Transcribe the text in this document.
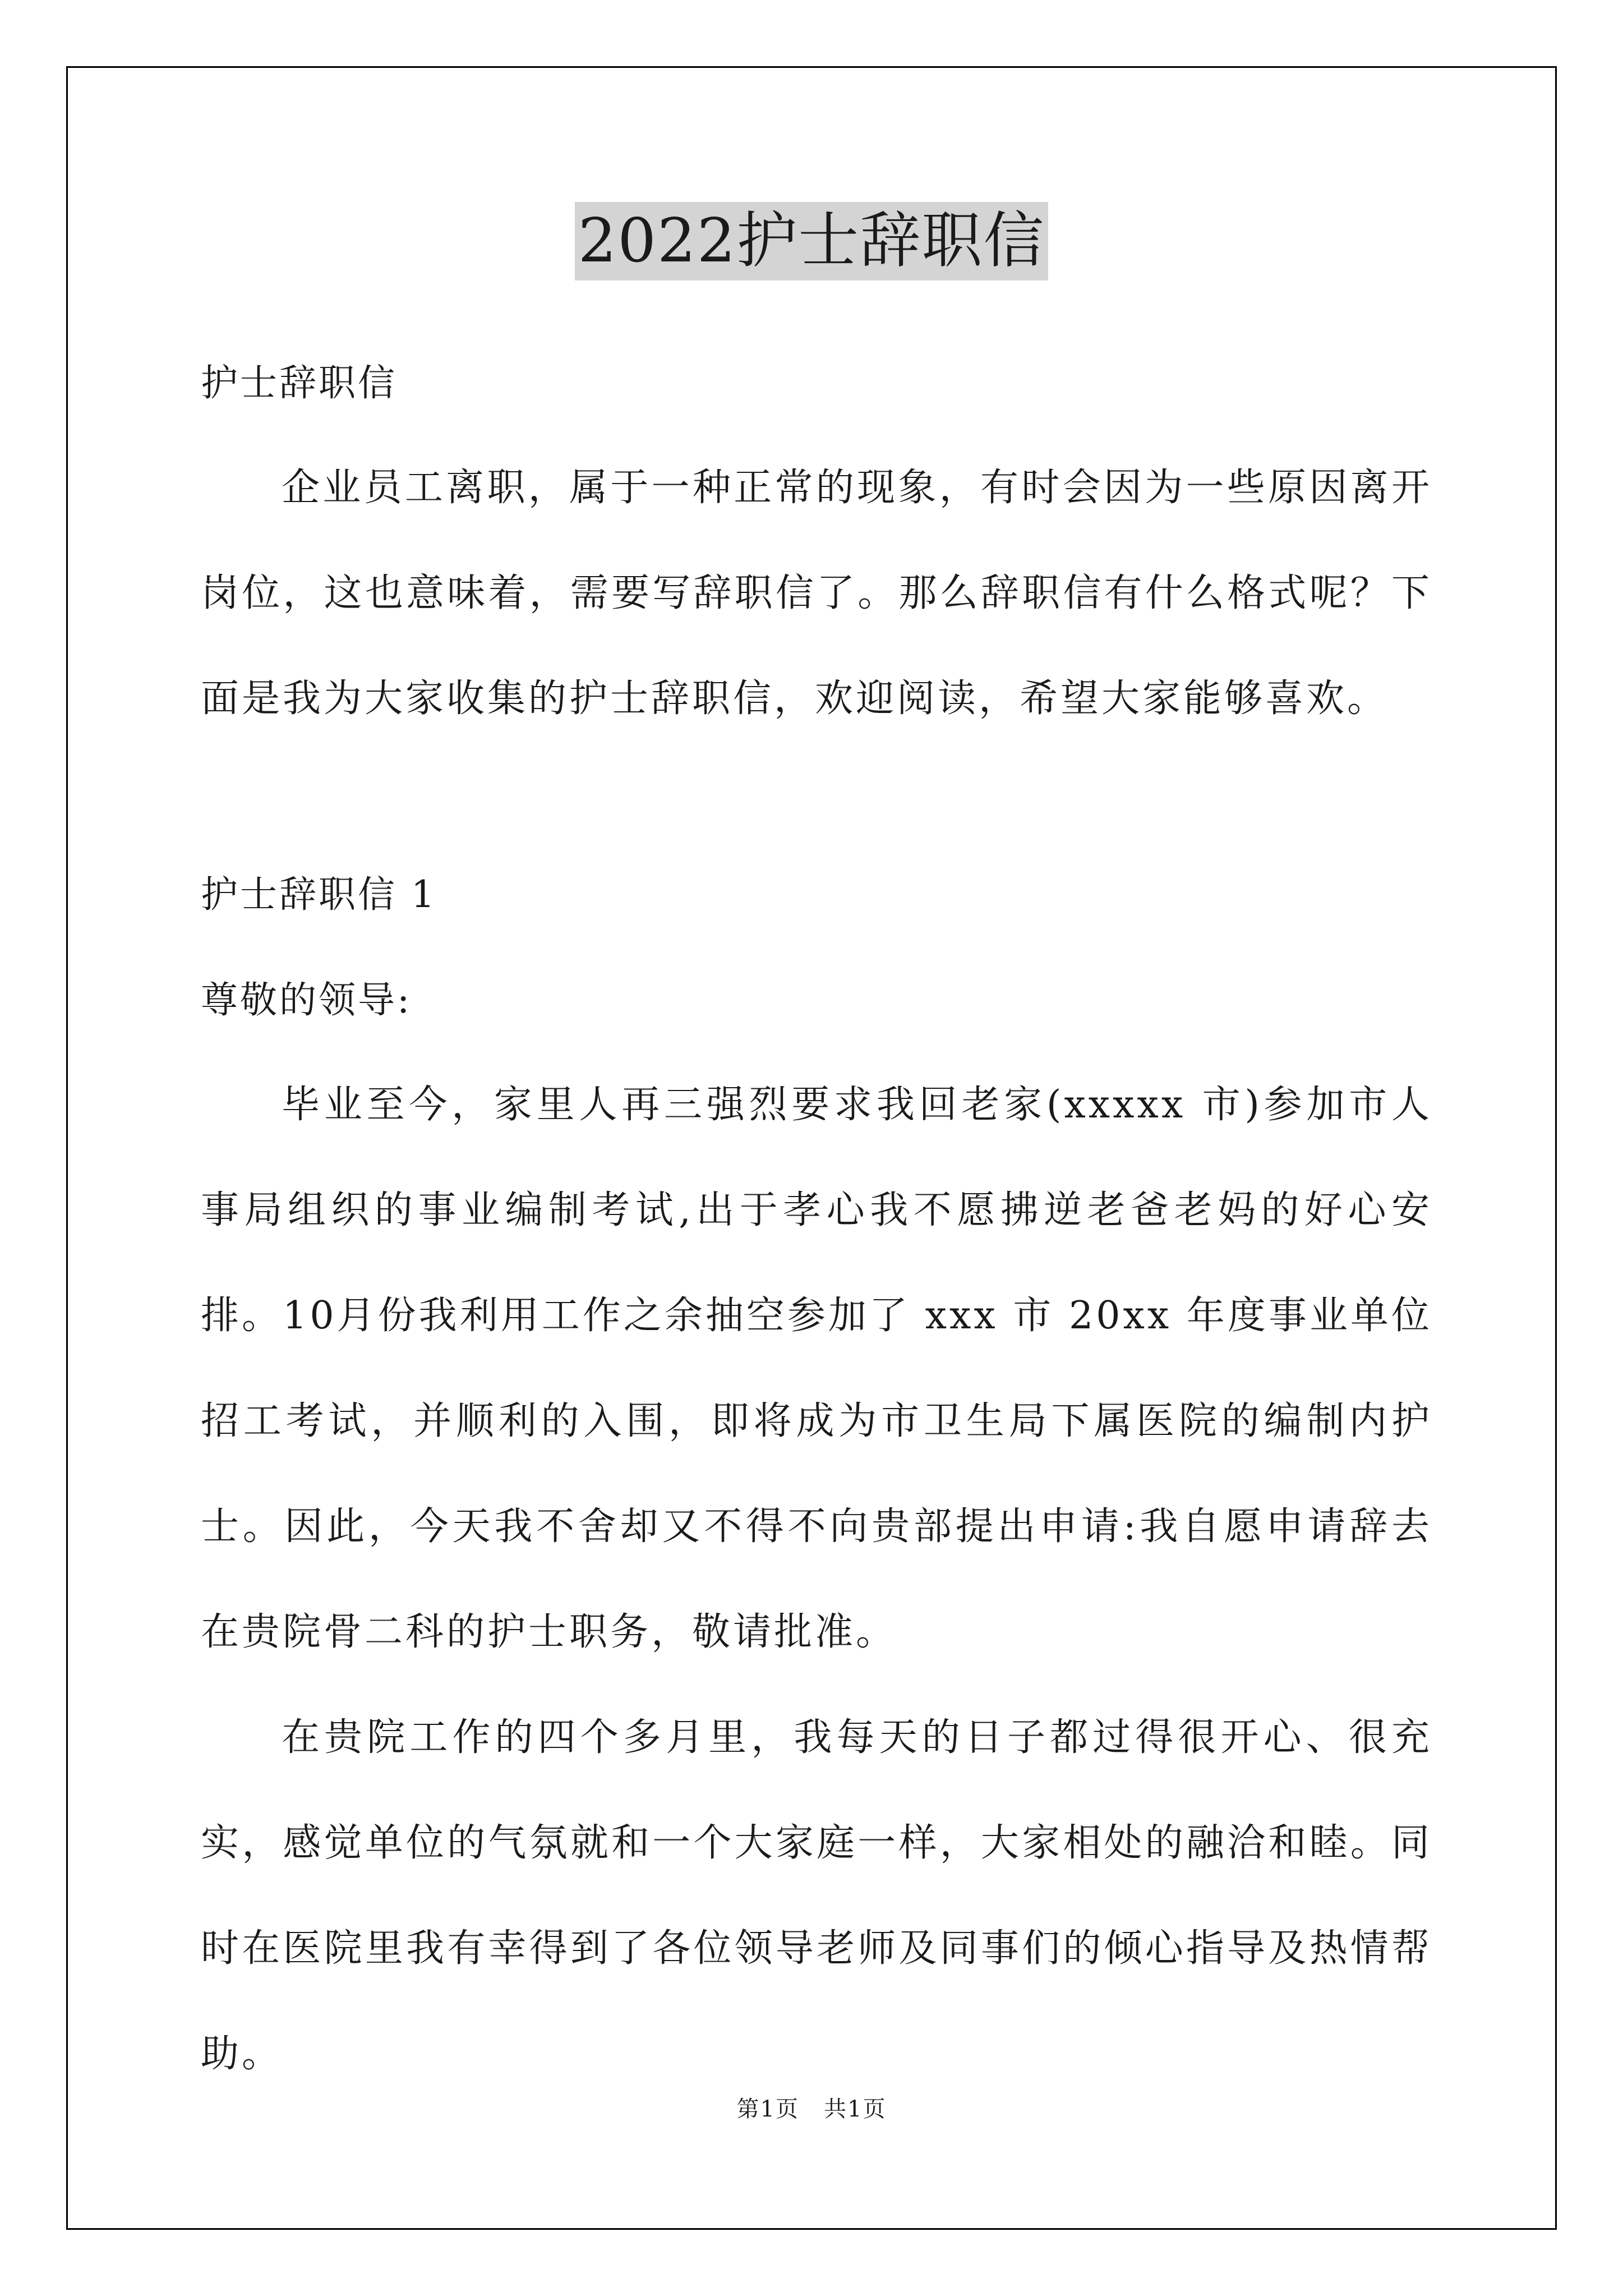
2022护士辞职信

护士辞职信

企业员工离职，属于一种正常的现象，有时会因为一些原因离开岗位，这也意味着，需要写辞职信了。那么辞职信有什么格式呢？下面是我为大家收集的护士辞职信，欢迎阅读，希望大家能够喜欢。

护士辞职信 1

尊敬的领导:

毕业至今，家里人再三强烈要求我回老家(xxxxx 市)参加市人事局组织的事业编制考试,出于孝心我不愿拂逆老爸老妈的好心安排。10月份我利用工作之余抽空参加了 xxx 市 20xx 年度事业单位招工考试，并顺利的入围，即将成为市卫生局下属医院的编制内护士。因此，今天我不舍却又不得不向贵部提出申请:我自愿申请辞去在贵院骨二科的护士职务，敬请批准。

在贵院工作的四个多月里，我每天的日子都过得很开心、很充实，感觉单位的气氛就和一个大家庭一样，大家相处的融洽和睦。同时在医院里我有幸得到了各位领导老师及同事们的倾心指导及热情帮助。

第1页 共1页
